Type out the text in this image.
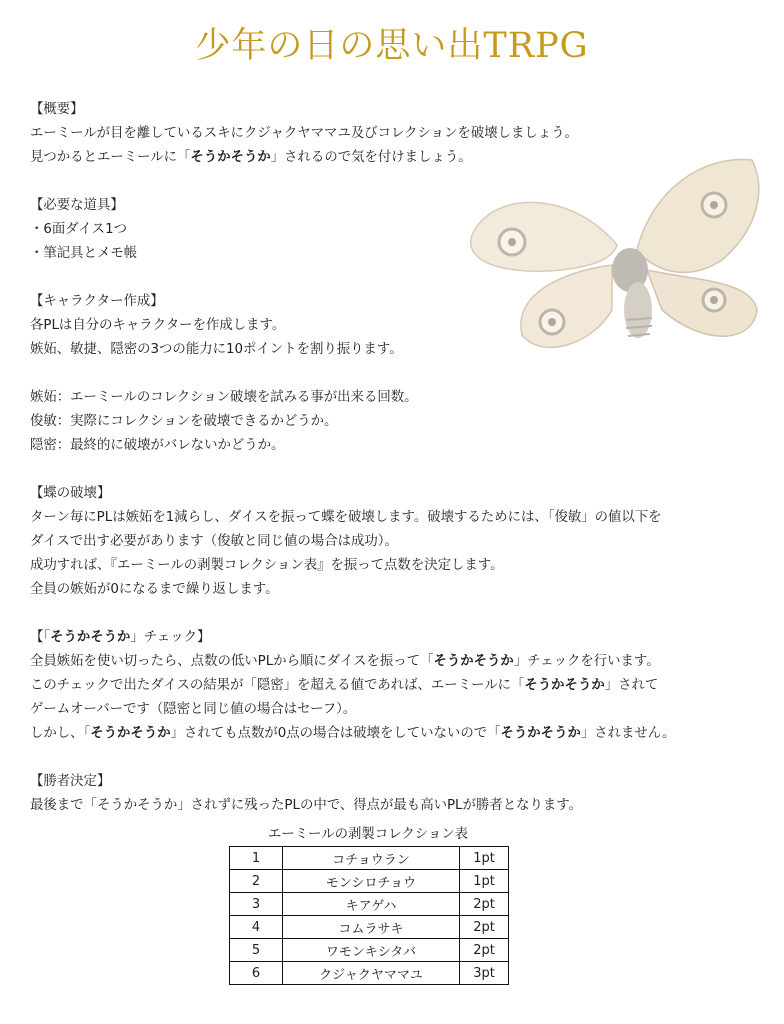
少年の日の思い出TRPG
【概要】
エーミールが目を離しているスキにクジャクヤママユ及びコレクションを破壊しましょう。
見つかるとエーミールに「そうかそうか」されるので気を付けましょう。
【必要な道具】
・6面ダイス1つ
・筆記具とメモ帳
【キャラクター作成】
各PLは自分のキャラクターを作成します。
嫉妬、敏捷、隠密の3つの能力に10ポイントを割り振ります。
嫉妬：エーミールのコレクション破壊を試みる事が出来る回数。
俊敏：実際にコレクションを破壊できるかどうか。
隠密：最終的に破壊がバレないかどうか。
【蝶の破壊】
ターン毎にPLは嫉妬を1減らし、ダイスを振って蝶を破壊します。破壊するためには、「俊敏」の値以下を
ダイスで出す必要があります（俊敏と同じ値の場合は成功）。
成功すれば、『エーミールの剥製コレクション表』を振って点数を決定します。
全員の嫉妬が0になるまで繰り返します。
【「そうかそうか」チェック】
全員嫉妬を使い切ったら、点数の低いPLから順にダイスを振って「そうかそうか」チェックを行います。
このチェックで出たダイスの結果が「隠密」を超える値であれば、エーミールに「そうかそうか」されて
ゲームオーバーです（隠密と同じ値の場合はセーフ）。
しかし、「そうかそうか」されても点数が0点の場合は破壊をしていないので「そうかそうか」されません。
【勝者決定】
最後まで「そうかそうか」されずに残ったPLの中で、得点が最も高いPLが勝者となります。
エーミールの剥製コレクション表
1	コチョウラン	1pt
2	モンシロチョウ	1pt
3	キアゲハ	2pt
4	コムラサキ	2pt
5	ワモンキシタバ	2pt
6	クジャクヤママユ	3pt
